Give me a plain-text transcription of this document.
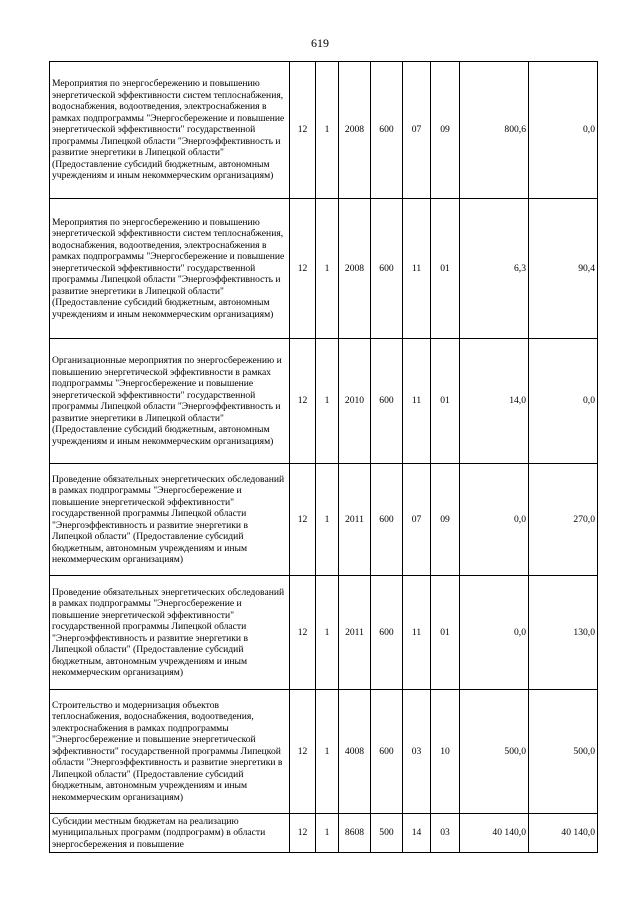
619
Мероприятия по энергосбережению и повышению энергетической эффективности систем теплоснабжения, водоснабжения, водоотведения, электроснабжения в рамках подпрограммы "Энергосбережение и повышение энергетической эффективности" государственной программы Липецкой области "Энергоэффективность и развитие энергетики в Липецкой области" (Предоставление субсидий бюджетным, автономным учреждениям и иным некоммерческим организациям)	12	1	2008	600	07	09	800,6	0,0
Мероприятия по энергосбережению и повышению энергетической эффективности систем теплоснабжения, водоснабжения, водоотведения, электроснабжения в рамках подпрограммы "Энергосбережение и повышение энергетической эффективности" государственной программы Липецкой области "Энергоэффективность и развитие энергетики в Липецкой области" (Предоставление субсидий бюджетным, автономным учреждениям и иным некоммерческим организациям)	12	1	2008	600	11	01	6,3	90,4
Организационные мероприятия по энергосбережению и повышению энергетической эффективности в рамках подпрограммы "Энергосбережение и повышение энергетической эффективности" государственной программы Липецкой области "Энергоэффективность и развитие энергетики в Липецкой области" (Предоставление субсидий бюджетным, автономным учреждениям и иным некоммерческим организациям)	12	1	2010	600	11	01	14,0	0,0
Проведение обязательных энергетических обследований в рамках подпрограммы "Энергосбережение и повышение энергетической эффективности" государственной программы Липецкой области "Энергоэффективность и развитие энергетики в Липецкой области" (Предоставление субсидий бюджетным, автономным учреждениям и иным некоммерческим организациям)	12	1	2011	600	07	09	0,0	270,0
Проведение обязательных энергетических обследований в рамках подпрограммы "Энергосбережение и повышение энергетической эффективности" государственной программы Липецкой области "Энергоэффективность и развитие энергетики в Липецкой области" (Предоставление субсидий бюджетным, автономным учреждениям и иным некоммерческим организациям)	12	1	2011	600	11	01	0,0	130,0
Строительство и модернизация объектов теплоснабжения, водоснабжения, водоотведения, электроснабжения в рамках подпрограммы "Энергосбережение и повышение энергетической эффективности" государственной программы Липецкой области "Энергоэффективность и развитие энергетики в Липецкой области" (Предоставление субсидий бюджетным, автономным учреждениям и иным некоммерческим организациям)	12	1	4008	600	03	10	500,0	500,0
Субсидии местным бюджетам на реализацию муниципальных программ (подпрограмм) в области энергосбережения и повышение	12	1	8608	500	14	03	40 140,0	40 140,0
